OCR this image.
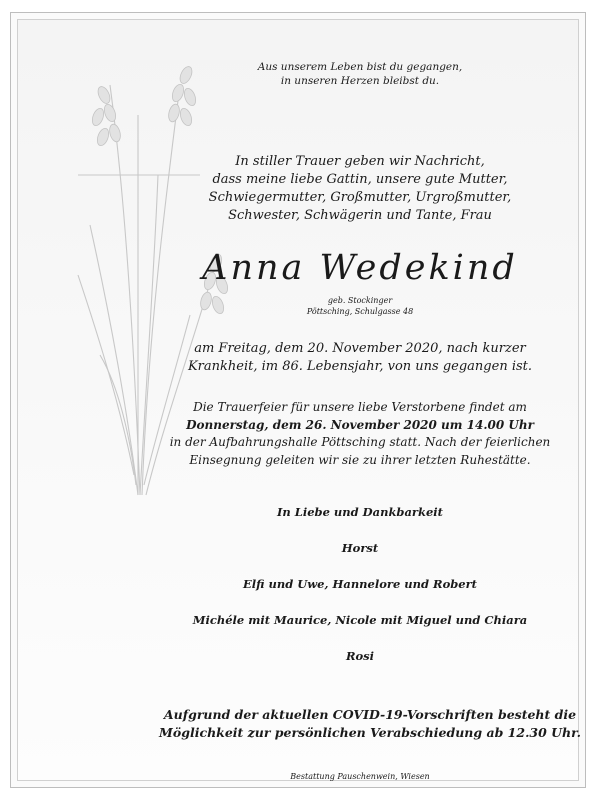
Aus unserem Leben bist du gegangen,
in unseren Herzen bleibst du.
In stiller Trauer geben wir Nachricht,
dass meine liebe Gattin, unsere gute Mutter,
Schwiegermutter, Großmutter, Urgroßmutter,
Schwester, Schwägerin und Tante, Frau
Anna Wedekind
geb. Stockinger
Pöttsching, Schulgasse 48
am Freitag, dem 20. November 2020, nach kurzer
Krankheit, im 86. Lebensjahr, von uns gegangen ist.
Die Trauerfeier für unsere liebe Verstorbene findet am
Donnerstag, dem 26. November 2020 um 14.00 Uhr
in der Aufbahrungshalle Pöttsching statt. Nach der feierlichen
Einsegnung geleiten wir sie zu ihrer letzten Ruhestätte.
In Liebe und Dankbarkeit
Horst
Elfi und Uwe, Hannelore und Robert
Michéle mit Maurice, Nicole mit Miguel und Chiara
Rosi
Aufgrund der aktuellen COVID-19-Vorschriften besteht die
Möglichkeit zur persönlichen Verabschiedung ab 12.30 Uhr.
Bestattung Pauschenwein, Wiesen
